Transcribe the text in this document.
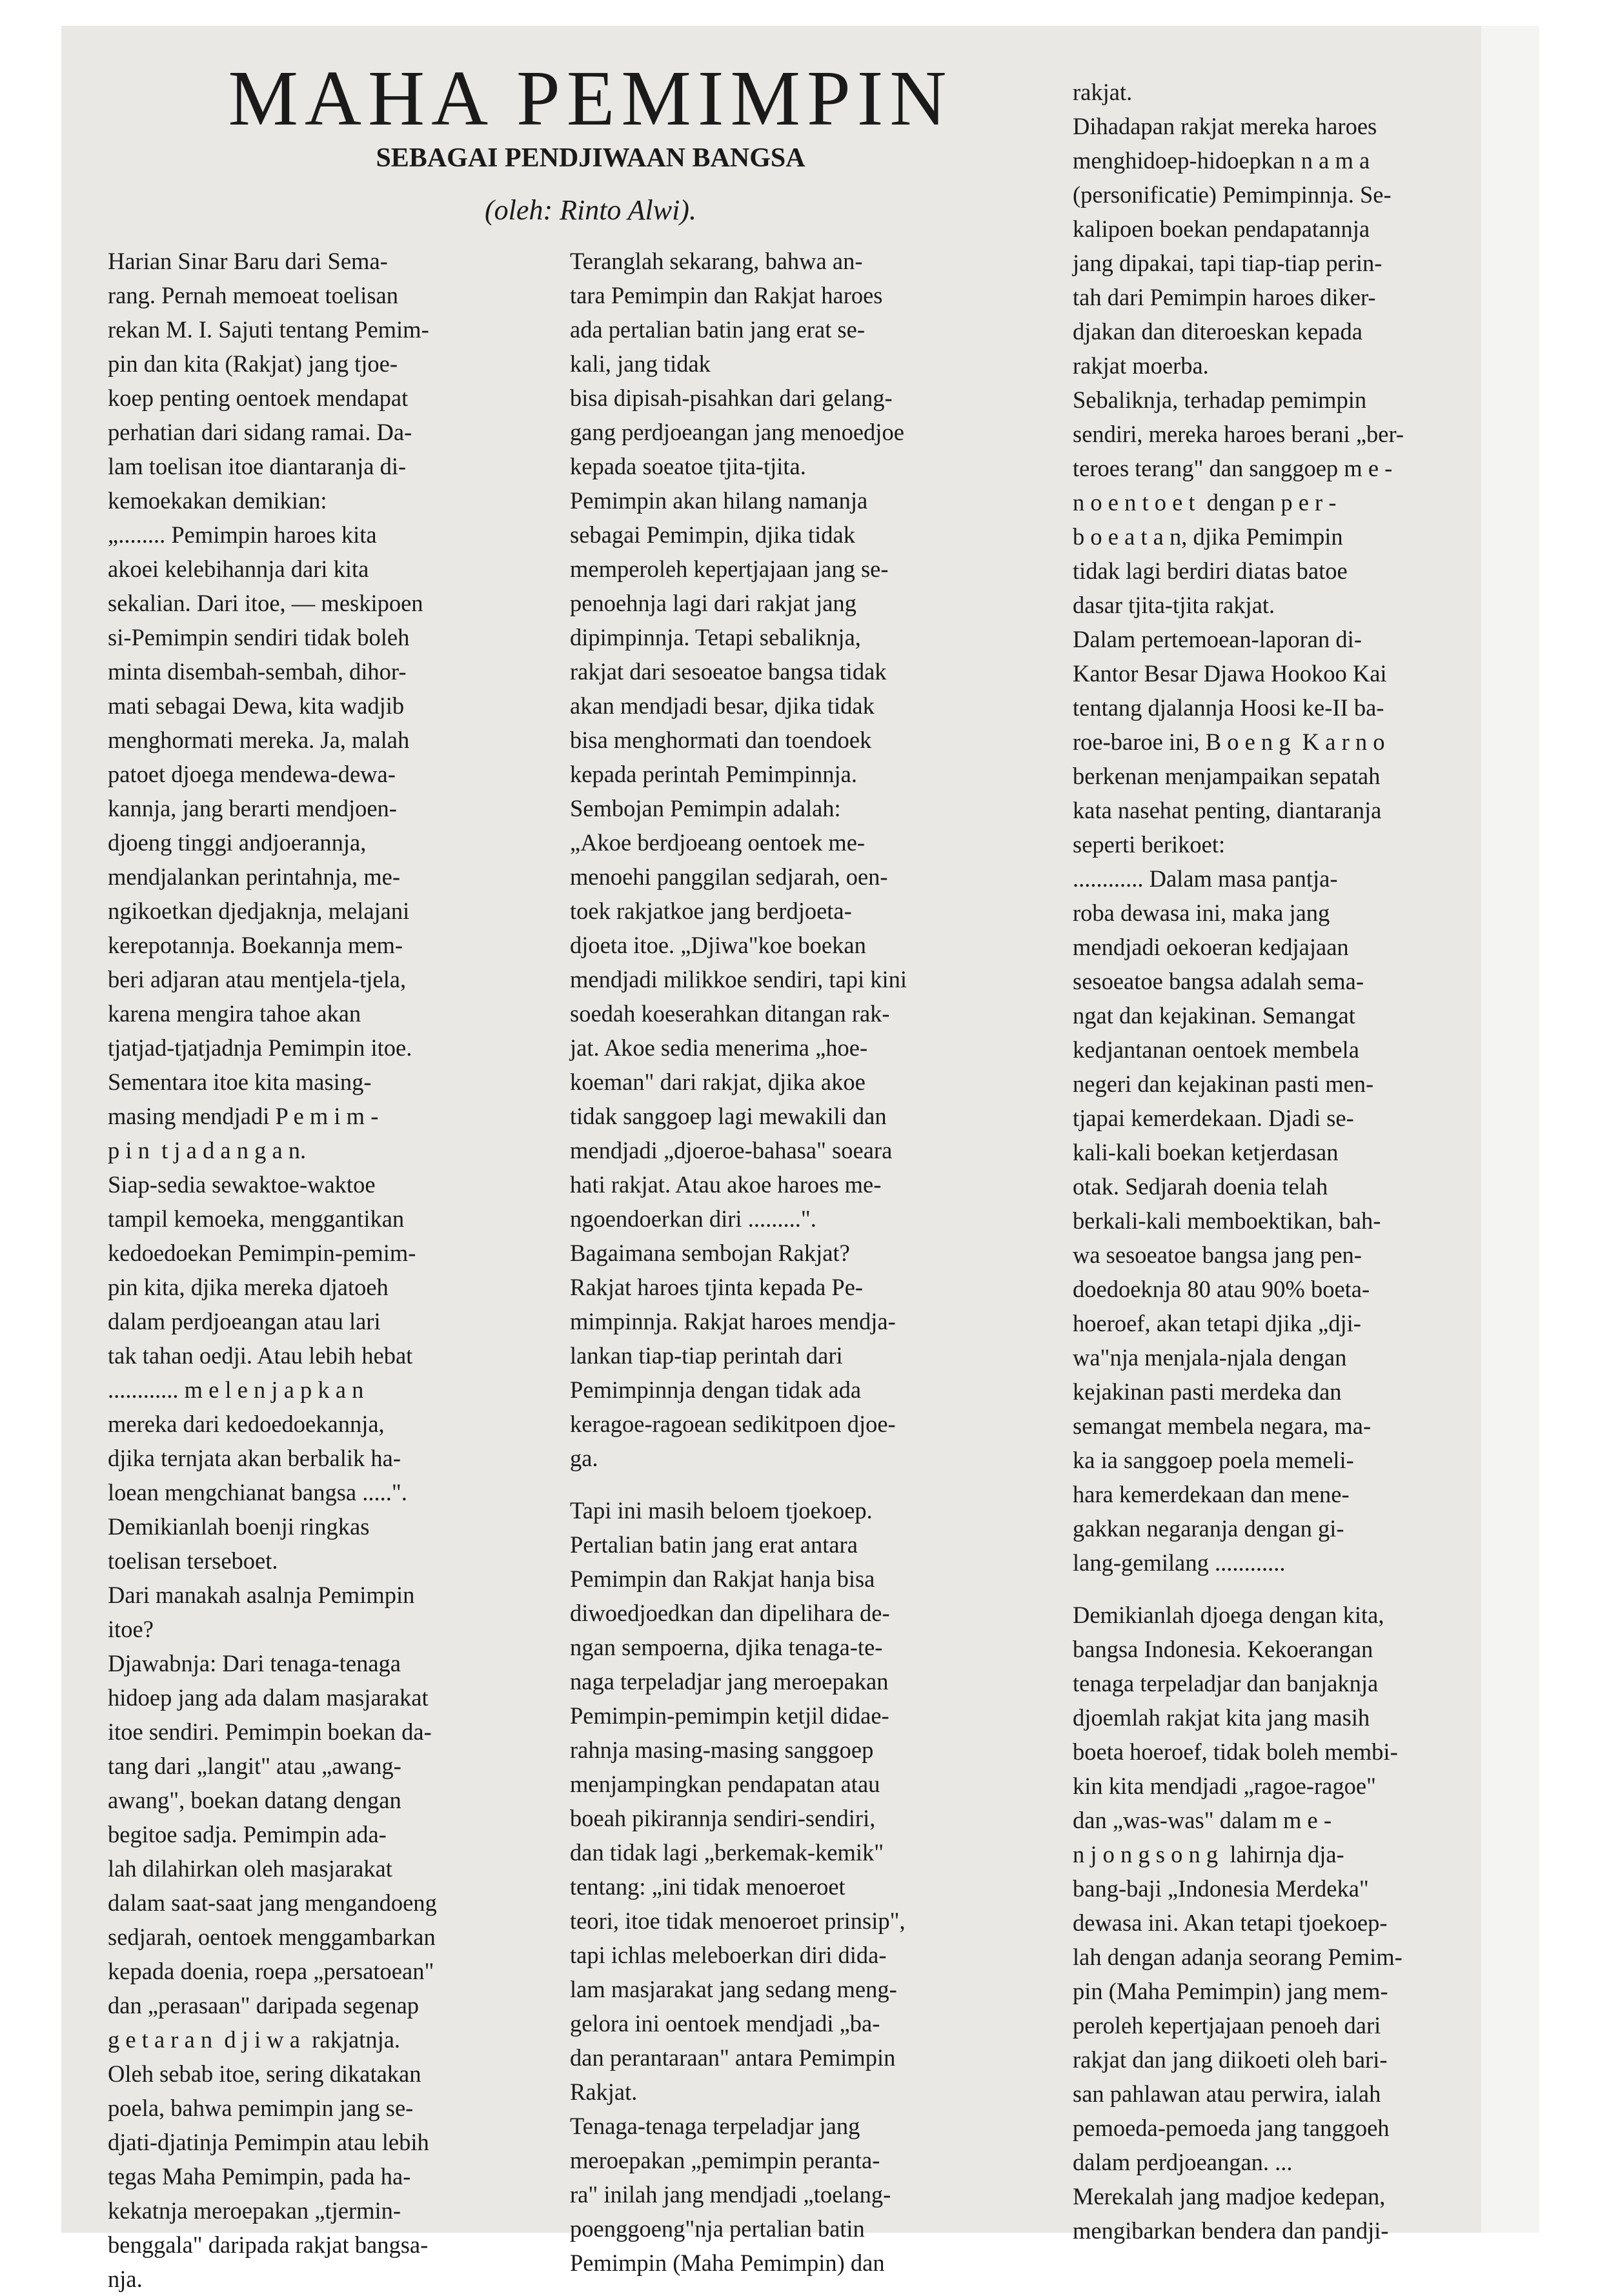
MAHA PEMIMPIN
SEBAGAI PENDJIWAAN BANGSA
(oleh: Rinto Alwi).
Harian Sinar Baru dari Sema-
rang. Pernah memoeat toelisan
rekan M. I. Sajuti tentang Pemim-
pin dan kita (Rakjat) jang tjoe-
koep penting oentoek mendapat
perhatian dari sidang ramai. Da-
lam toelisan itoe diantaranja di-
kemoekakan demikian:
„........ Pemimpin haroes kita
akoei kelebihannja dari kita
sekalian. Dari itoe, — meskipoen
si-Pemimpin sendiri tidak boleh
minta disembah-sembah, dihor-
mati sebagai Dewa, kita wadjib
menghormati mereka. Ja, malah
patoet djoega mendewa-dewa-
kannja, jang berarti mendjoen-
djoeng tinggi andjoerannja,
mendjalankan perintahnja, me-
ngikoetkan djedjaknja, melajani
kerepotannja. Boekannja mem-
beri adjaran atau mentjela-tjela,
karena mengira tahoe akan
tjatjad-tjatjadnja Pemimpin itoe.
Sementara itoe kita masing-
masing mendjadi P e m i m -
p i n  t j a d a n g a n.
Siap-sedia sewaktoe-waktoe
tampil kemoeka, menggantikan
kedoedoekan Pemimpin-pemim-
pin kita, djika mereka djatoeh
dalam perdjoeangan atau lari
tak tahan oedji. Atau lebih hebat
............ m e l e n j a p k a n
mereka dari kedoedoekannja,
djika ternjata akan berbalik ha-
loean mengchianat bangsa .....".
Demikianlah boenji ringkas
toelisan terseboet.
Dari manakah asalnja Pemimpin
itoe?
Djawabnja: Dari tenaga-tenaga
hidoep jang ada dalam masjarakat
itoe sendiri. Pemimpin boekan da-
tang dari „langit" atau „awang-
awang", boekan datang dengan
begitoe sadja. Pemimpin ada-
lah dilahirkan oleh masjarakat
dalam saat-saat jang mengandoeng
sedjarah, oentoek menggambarkan
kepada doenia, roepa „persatoean"
dan „perasaan" daripada segenap
g e t a r a n  d j i w a  rakjatnja.
Oleh sebab itoe, sering dikatakan
poela, bahwa pemimpin jang se-
djati-djatinja Pemimpin atau lebih
tegas Maha Pemimpin, pada ha-
kekatnja meroepakan „tjermin-
benggala" daripada rakjat bangsa-
nja.
Teranglah sekarang, bahwa an-
tara Pemimpin dan Rakjat haroes
ada pertalian batin jang erat se-
kali, jang tidak
bisa dipisah-pisahkan dari gelang-
gang perdjoeangan jang menoedjoe
kepada soeatoe tjita-tjita.
Pemimpin akan hilang namanja
sebagai Pemimpin, djika tidak
memperoleh kepertjajaan jang se-
penoehnja lagi dari rakjat jang
dipimpinnja. Tetapi sebaliknja,
rakjat dari sesoeatoe bangsa tidak
akan mendjadi besar, djika tidak
bisa menghormati dan toendoek
kepada perintah Pemimpinnja.
Sembojan Pemimpin adalah:
„Akoe berdjoeang oentoek me-
menoehi panggilan sedjarah, oen-
toek rakjatkoe jang berdjoeta-
djoeta itoe. „Djiwa"koe boekan
mendjadi milikkoe sendiri, tapi kini
soedah koeserahkan ditangan rak-
jat. Akoe sedia menerima „hoe-
koeman" dari rakjat, djika akoe
tidak sanggoep lagi mewakili dan
mendjadi „djoeroe-bahasa" soeara
hati rakjat. Atau akoe haroes me-
ngoendoerkan diri .........".
Bagaimana sembojan Rakjat?
Rakjat haroes tjinta kepada Pe-
mimpinnja. Rakjat haroes mendja-
lankan tiap-tiap perintah dari
Pemimpinnja dengan tidak ada
keragoe-ragoean sedikitpoen djoe-
ga.
Tapi ini masih beloem tjoekoep.
Pertalian batin jang erat antara
Pemimpin dan Rakjat hanja bisa
diwoedjoedkan dan dipelihara de-
ngan sempoerna, djika tenaga-te-
naga terpeladjar jang meroepakan
Pemimpin-pemimpin ketjil didae-
rahnja masing-masing sanggoep
menjampingkan pendapatan atau
boeah pikirannja sendiri-sendiri,
dan tidak lagi „berkemak-kemik"
tentang: „ini tidak menoeroet
teori, itoe tidak menoeroet prinsip",
tapi ichlas meleboerkan diri dida-
lam masjarakat jang sedang meng-
gelora ini oentoek mendjadi „ba-
dan perantaraan" antara Pemimpin
Rakjat.
Tenaga-tenaga terpeladjar jang
meroepakan „pemimpin peranta-
ra" inilah jang mendjadi „toelang-
poenggoeng"nja pertalian batin
Pemimpin (Maha Pemimpin) dan
rakjat.
Dihadapan rakjat mereka haroes
menghidoep-hidoepkan n a m a
(personificatie) Pemimpinnja. Se-
kalipoen boekan pendapatannja
jang dipakai, tapi tiap-tiap perin-
tah dari Pemimpin haroes diker-
djakan dan diteroeskan kepada
rakjat moerba.
Sebaliknja, terhadap pemimpin
sendiri, mereka haroes berani „ber-
teroes terang" dan sanggoep m e -
n o e n t o e t  dengan p e r -
b o e a t a n, djika Pemimpin
tidak lagi berdiri diatas batoe
dasar tjita-tjita rakjat.
Dalam pertemoean-laporan di-
Kantor Besar Djawa Hookoo Kai
tentang djalannja Hoosi ke-II ba-
roe-baroe ini, B o e n g  K a r n o
berkenan menjampaikan sepatah
kata nasehat penting, diantaranja
seperti berikoet:
............ Dalam masa pantja-
roba dewasa ini, maka jang
mendjadi oekoeran kedjajaan
sesoeatoe bangsa adalah sema-
ngat dan kejakinan. Semangat
kedjantanan oentoek membela
negeri dan kejakinan pasti men-
tjapai kemerdekaan. Djadi se-
kali-kali boekan ketjerdasan
otak. Sedjarah doenia telah
berkali-kali memboektikan, bah-
wa sesoeatoe bangsa jang pen-
doedoeknja 80 atau 90% boeta-
hoeroef, akan tetapi djika „dji-
wa"nja menjala-njala dengan
kejakinan pasti merdeka dan
semangat membela negara, ma-
ka ia sanggoep poela memeli-
hara kemerdekaan dan mene-
gakkan negaranja dengan gi-
lang-gemilang ............
Demikianlah djoega dengan kita,
bangsa Indonesia. Kekoerangan
tenaga terpeladjar dan banjaknja
djoemlah rakjat kita jang masih
boeta hoeroef, tidak boleh membi-
kin kita mendjadi „ragoe-ragoe"
dan „was-was" dalam m e -
n j o n g s o n g  lahirnja dja-
bang-baji „Indonesia Merdeka"
dewasa ini. Akan tetapi tjoekoep-
lah dengan adanja seorang Pemim-
pin (Maha Pemimpin) jang mem-
peroleh kepertjajaan penoeh dari
rakjat dan jang diikoeti oleh bari-
san pahlawan atau perwira, ialah
pemoeda-pemoeda jang tanggoeh
dalam perdjoeangan. ...
Merekalah jang madjoe kedepan,
mengibarkan bendera dan pandji-
